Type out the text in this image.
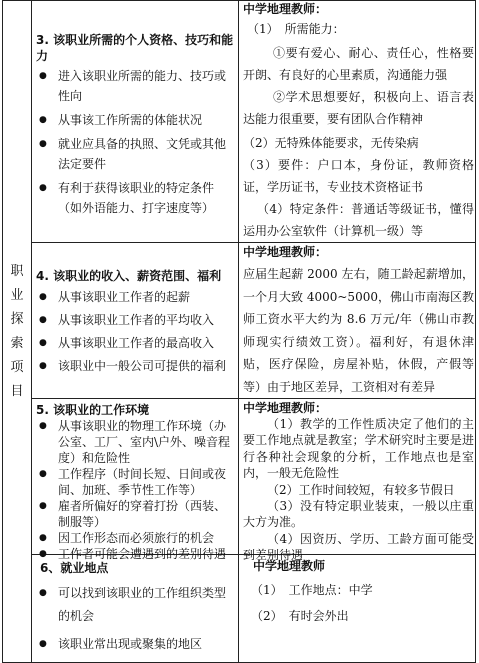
职
业
探
索
项
目

3. 该职业所需的个人资格、技巧和能力

● 进入该职业所需的能力、技巧或性向
● 从事该工作所需的体能状况
● 就业应具备的执照、文凭或其他法定要件
● 有利于获得该职业的特定条件（如外语能力、打字速度等）

中学地理教师：

（1）　所需能力：

①要有爱心、耐心、责任心，性格要开朗、有良好的心里素质，沟通能力强

②学术思想要好，积极向上、语言表达能力很重要，要有团队合作精神

（2）无特殊体能要求，无传染病

（3）要件：户口本，身份证，教师资格证，学历证书，专业技术资格证书

（4）特定条件：普通话等级证书，懂得运用办公室软件（计算机一级）等

4. 该职业的收入、薪资范围、福利

● 从事该职业工作者的起薪
● 从事该职业工作者的平均收入
● 从事该职业工作者的最高收入
● 该职业中一般公司可提供的福利

中学地理教师：

应届生起薪 2000 左右，随工龄起薪增加，一个月大致 4000~5000，佛山市南海区教师工资水平大约为 8.6 万元/年（佛山市教师现实行绩效工资）。福利好，有退休津贴，医疗保险，房屋补贴，休假，产假等等）由于地区差异，工资相对有差异

5. 该职业的工作环境

● 从事该职业的物理工作环境（办公室、工厂、室内\户外、噪音程度）和危险性
● 工作程序（时间长短、日间或夜间、加班、季节性工作等）
● 雇者所偏好的穿着打扮（西装、制服等）
● 因工作形态而必须旅行的机会
● 工作者可能会遭遇到的差别待遇

中学地理教师：

（1）教学的工作性质决定了他们的主要工作地点就是教室；学术研究时主要是进行各种社会现象的分析，工作地点也是室内，一般无危险性

（2）工作时间较短，有较多节假日

（3）没有特定职业装束，一般以庄重大方为准。

（4）因资历、学历、工龄方面可能受到差别待遇

6、就业地点

● 可以找到该职业的工作组织类型的机会
● 该职业常出现或聚集的地区

中学地理教师

（1）　工作地点：中学

（2）　有时会外出
